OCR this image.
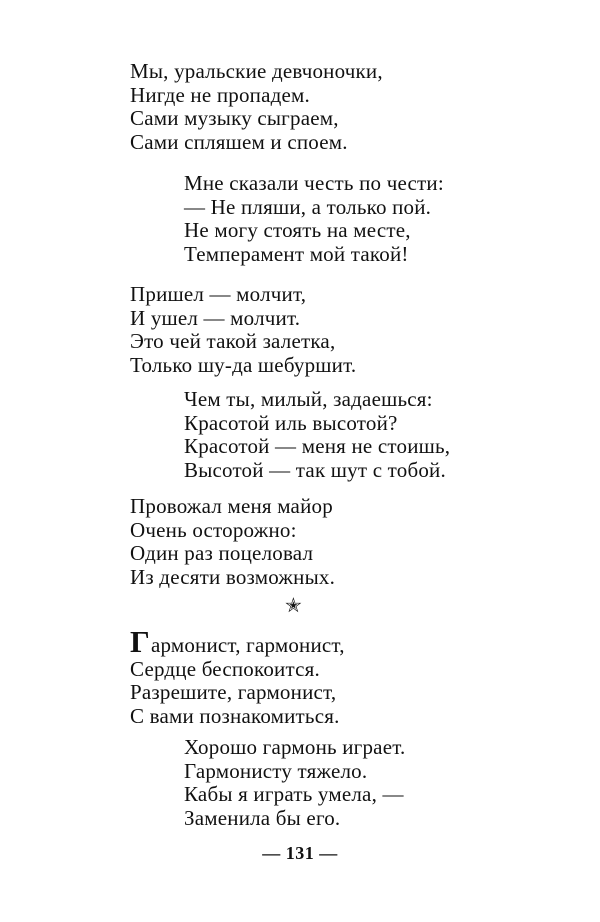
Мы, уральские девчоночки,
Нигде не пропадем.
Сами музыку сыграем,
Сами спляшем и споем.
Мне сказали честь по чести:
— Не пляши, а только пой.
Не могу стоять на месте,
Темперамент мой такой!
Пришел — молчит,
И ушел — молчит.
Это чей такой залетка,
Только шу-да шебуршит.
Чем ты, милый, задаешься:
Красотой иль высотой?
Красотой — меня не стоишь,
Высотой — так шут с тобой.
Провожал меня майор
Очень осторожно:
Один раз поцеловал
Из десяти возможных.
✭
Гармонист, гармонист,
Сердце беспокоится.
Разрешите, гармонист,
С вами познакомиться.
Хорошо гармонь играет.
Гармонисту тяжело.
Кабы я играть умела, —
Заменила бы его.
— 131 —
